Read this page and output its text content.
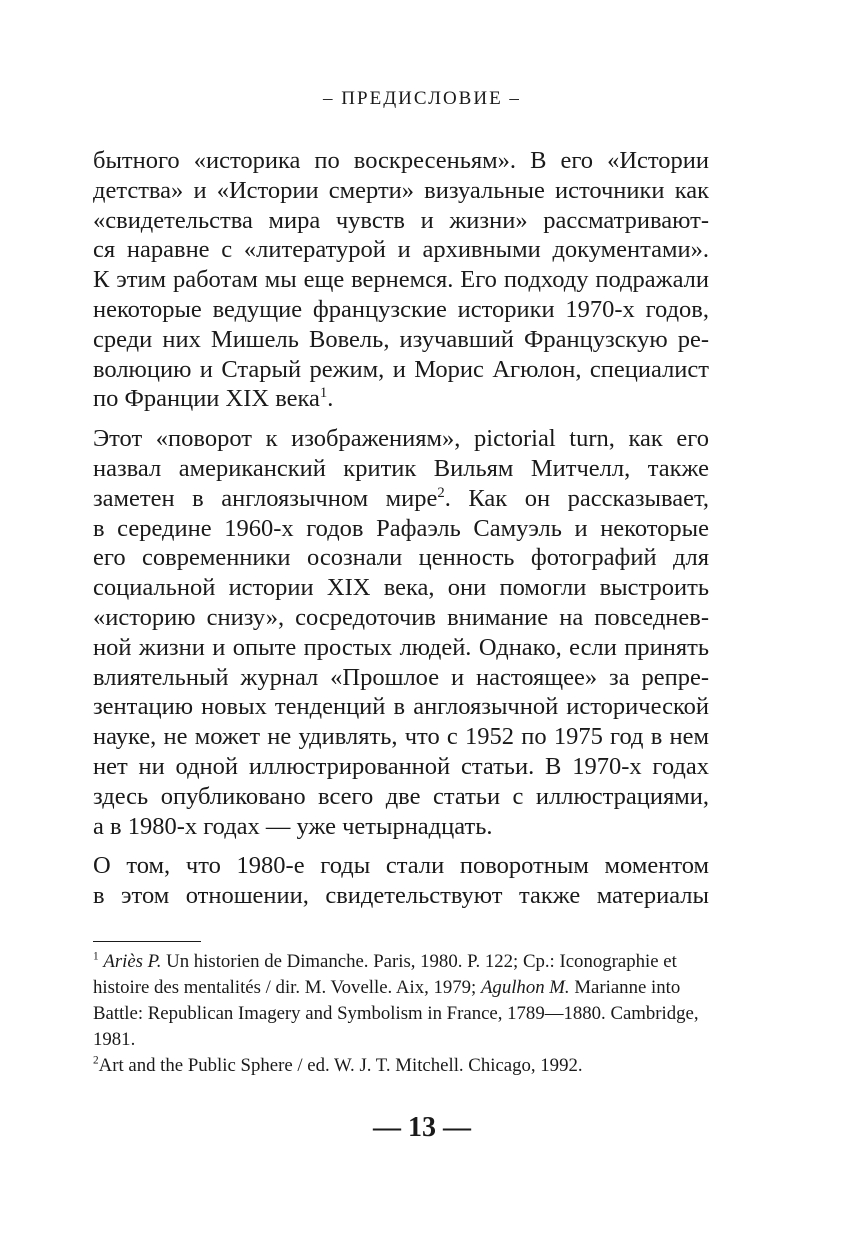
– ПРЕДИСЛОВИЕ –

бытного «историка по воскресеньям». В его «Истории
детства» и «Истории смерти» визуальные источники как
«свидетельства мира чувств и жизни» рассматривают-
ся наравне с «литературой и архивными документами».
К этим работам мы еще вернемся. Его подходу подражали
некоторые ведущие французские историки 1970-х годов,
среди них Мишель Вовель, изучавший Французскую ре-
волюцию и Старый режим, и Морис Агюлон, специалист
по Франции XIX века$^1$.

Этот «поворот к изображениям», pictorial turn, как его
назвал американский критик Вильям Митчелл, также
заметен в англоязычном мире$^2$. Как он рассказывает,
в середине 1960-х годов Рафаэль Самуэль и некоторые
его современники осознали ценность фотографий для
социальной истории XIX века, они помогли выстроить
«историю снизу», сосредоточив внимание на повседнев-
ной жизни и опыте простых людей. Однако, если принять
влиятельный журнал «Прошлое и настоящее» за репре-
зентацию новых тенденций в англоязычной исторической
науке, не может не удивлять, что с 1952 по 1975 год в нем
нет ни одной иллюстрированной статьи. В 1970-х годах
здесь опубликовано всего две статьи с иллюстрациями,
а в 1980-х годах — уже четырнадцать.

О том, что 1980-е годы стали поворотным моментом
в этом отношении, свидетельствуют также материалы

$^1$ Ariès P. Un historien de Dimanche. Paris, 1980. P. 122; Ср.: Iconographie et histoire des mentalités / dir. M. Vovelle. Aix, 1979; Agulhon M. Marianne into Battle: Republican Imagery and Symbolism in France, 1789—1880. Cambridge, 1981.

$^2$Art and the Public Sphere / ed. W. J. T. Mitchell. Chicago, 1992.

— 13 —
